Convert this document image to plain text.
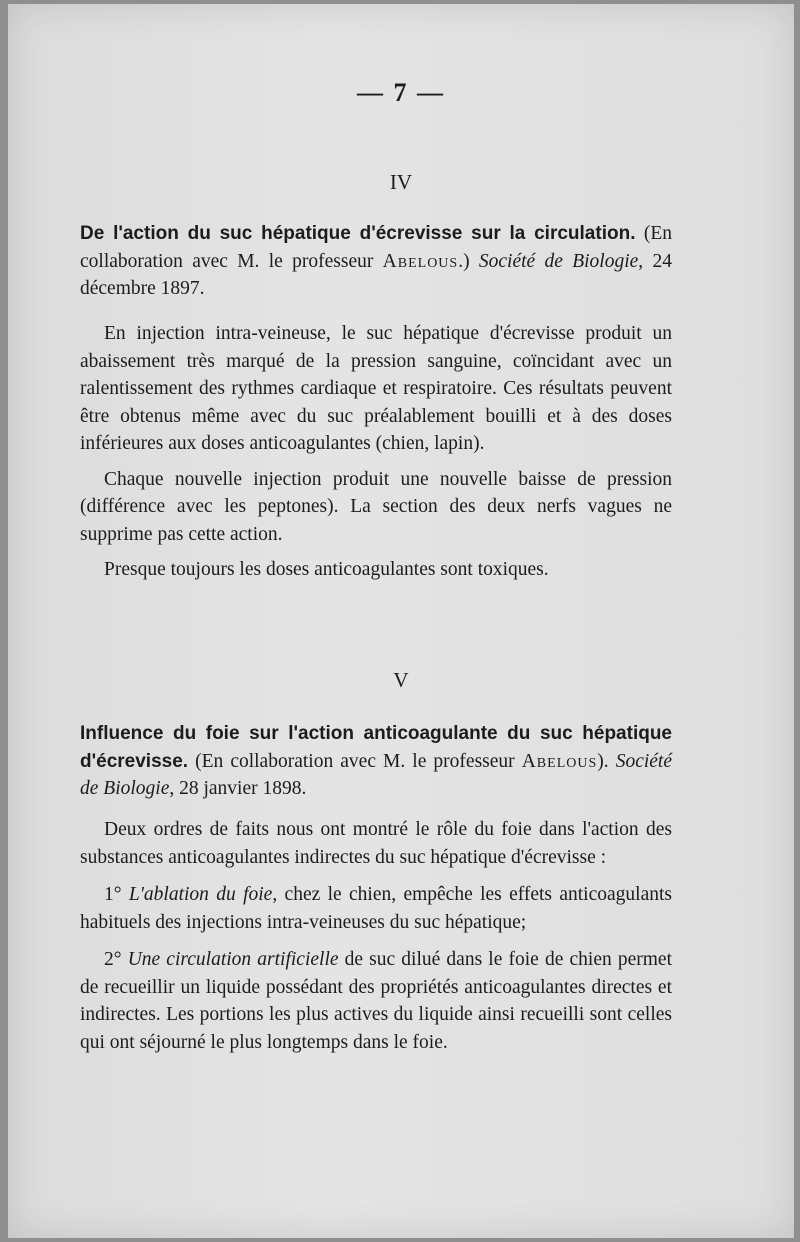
— 7 —
IV

De l'action du suc hépatique d'écrevisse sur la circulation. (En collaboration avec M. le professeur Abelous.) Société de Biologie, 24 décembre 1897.

En injection intra-veineuse, le suc hépatique d'écrevisse produit un abaissement très marqué de la pression sanguine, coïncidant avec un ralentissement des rythmes cardiaque et respiratoire. Ces résultats peuvent être obtenus même avec du suc préalablement bouilli et à des doses inférieures aux doses anticoagulantes (chien, lapin).

Chaque nouvelle injection produit une nouvelle baisse de pression (différence avec les peptones). La section des deux nerfs vagues ne supprime pas cette action.

Presque toujours les doses anticoagulantes sont toxiques.

V

Influence du foie sur l'action anticoagulante du suc hépatique d'écrevisse. (En collaboration avec M. le professeur Abelous). Société de Biologie, 28 janvier 1898.

Deux ordres de faits nous ont montré le rôle du foie dans l'action des substances anticoagulantes indirectes du suc hépatique d'écrevisse :

1° L'ablation du foie, chez le chien, empêche les effets anticoagulants habituels des injections intra-veineuses du suc hépatique;

2° Une circulation artificielle de suc dilué dans le foie de chien permet de recueillir un liquide possédant des propriétés anticoagulantes directes et indirectes. Les portions les plus actives du liquide ainsi recueilli sont celles qui ont séjourné le plus longtemps dans le foie.
